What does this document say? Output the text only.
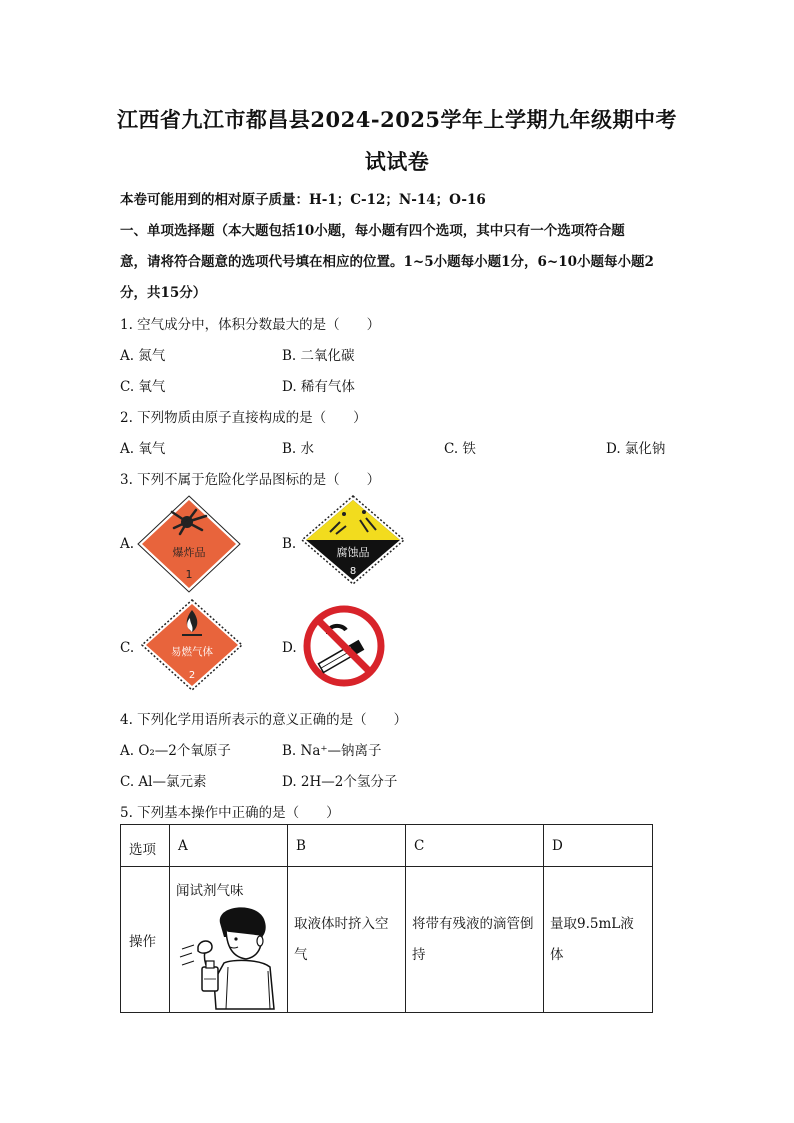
江西省九江市都昌县2024-2025学年上学期九年级期中考
试试卷
本卷可能用到的相对原子质量：H-1；C-12；N-14；O-16
一、单项选择题（本大题包括10小题，每小题有四个选项，其中只有一个选项符合题
意，请将符合题意的选项代号填在相应的位置。1~5小题每小题1分，6~10小题每小题2
分，共15分）
1. 空气成分中，体积分数最大的是（　　）
A. 氮气	B. 二氧化碳
C. 氧气	D. 稀有气体
2. 下列物质由原子直接构成的是（　　）
A. 氧气	B. 水	C. 铁	D. 氯化钠
3. 下列不属于危险化学品图标的是（　　）
A.
爆炸品
1
B.
腐蚀品
8
C.	易燃气体
2
D.
4. 下列化学用语所表示的意义正确的是（　　）
A. O₂—2个氧原子	B. Na⁺—钠离子
C. Al—氯元素	D. 2H—2个氢分子
5. 下列基本操作中正确的是（　　）
选项	A	B	C	D

操作	闻试剂气味	取液体时挤入空气	将带有残液的滴管倒持	量取9.5mL液体
